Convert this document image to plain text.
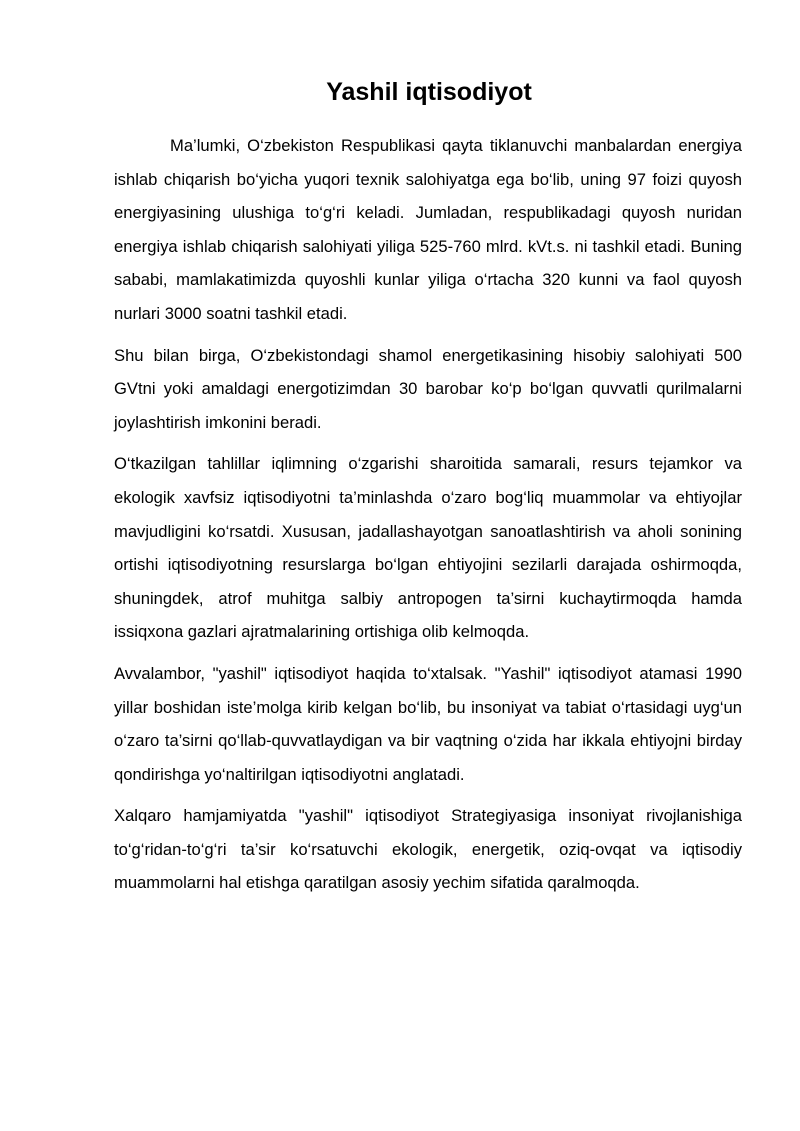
Yashil iqtisodiyot

Ma’lumki, O‘zbekiston Respublikasi qayta tiklanuvchi manbalardan energiya ishlab chiqarish bo‘yicha yuqori texnik salohiyatga ega bo‘lib, uning 97 foizi quyosh energiyasining ulushiga to‘g‘ri keladi. Jumladan, respublikadagi quyosh nuridan energiya ishlab chiqarish salohiyati yiliga 525-760 mlrd. kVt.s. ni tashkil etadi. Buning sababi, mamlakatimizda quyoshli kunlar yiliga o‘rtacha 320 kunni va faol quyosh nurlari 3000 soatni tashkil etadi.

Shu bilan birga, O‘zbekistondagi shamol energetikasining hisobiy salohiyati 500 GVtni yoki amaldagi energotizimdan 30 barobar ko‘p bo‘lgan quvvatli qurilmalarni joylashtirish imkonini beradi.

O‘tkazilgan tahlillar iqlimning o‘zgarishi sharoitida samarali, resurs tejamkor va ekologik xavfsiz iqtisodiyotni ta’minlashda o‘zaro bog‘liq muammolar va ehtiyojlar mavjudligini ko‘rsatdi. Xususan, jadallashayotgan sanoatlashtirish va aholi sonining ortishi iqtisodiyotning resurslarga bo‘lgan ehtiyojini sezilarli darajada oshirmoqda, shuningdek, atrof muhitga salbiy antropogen ta’sirni kuchaytirmoqda hamda issiqxona gazlari ajratmalarining ortishiga olib kelmoqda.

Avvalambor, "yashil" iqtisodiyot haqida to‘xtalsak. "Yashil" iqtisodiyot atamasi 1990 yillar boshidan iste’molga kirib kelgan bo‘lib, bu insoniyat va tabiat o‘rtasidagi uyg‘un o‘zaro ta’sirni qo‘llab-quvvatlaydigan va bir vaqtning o‘zida har ikkala ehtiyojni birday qondirishga yo‘naltirilgan iqtisodiyotni anglatadi.

Xalqaro hamjamiyatda "yashil" iqtisodiyot Strategiyasiga insoniyat rivojlanishiga to‘g‘ridan-to‘g‘ri ta’sir ko‘rsatuvchi ekologik, energetik, oziq-ovqat va iqtisodiy muammolarni hal etishga qaratilgan asosiy yechim sifatida qaralmoqda.
